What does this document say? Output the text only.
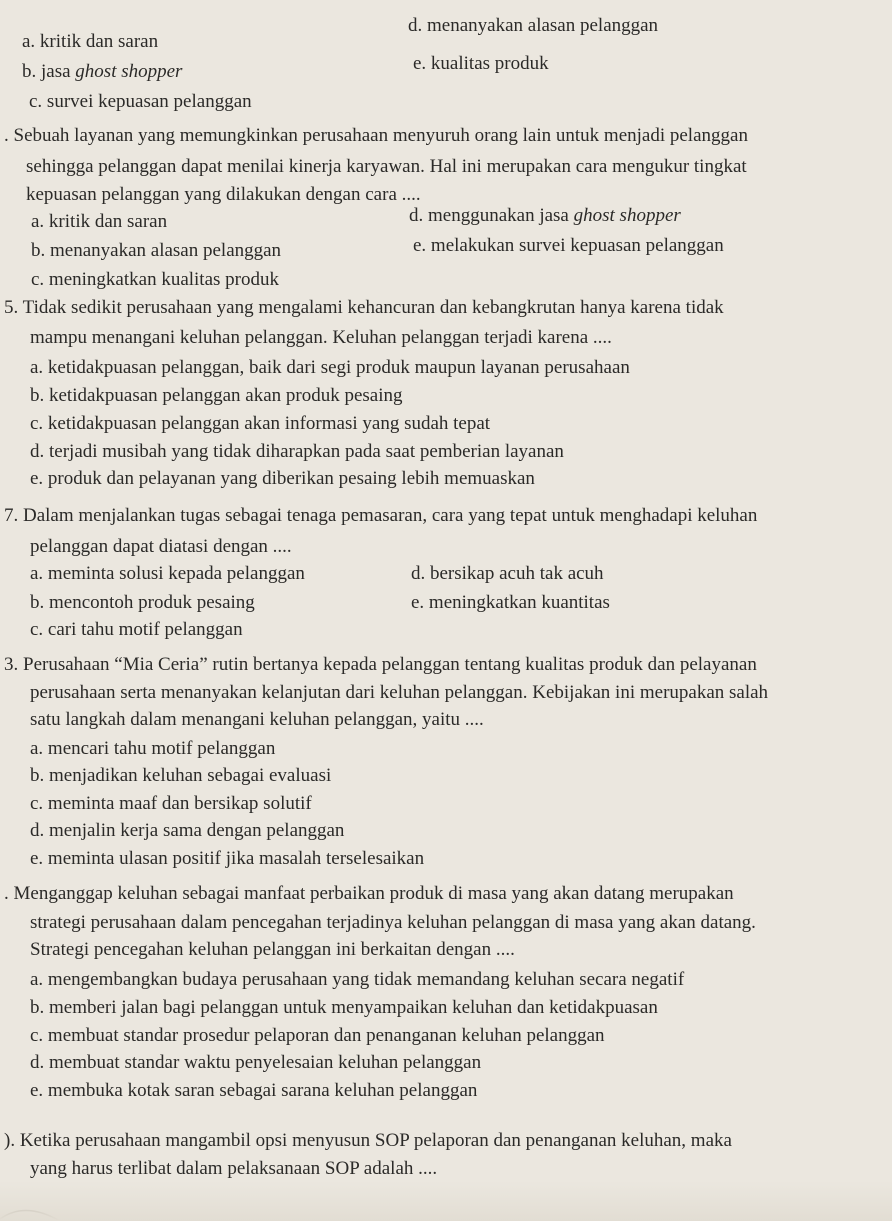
a. kritik dan saran
b. jasa ghost shopper
c. survei kepuasan pelanggan
d. menanyakan alasan pelanggan
e. kualitas produk
. Sebuah layanan yang memungkinkan perusahaan menyuruh orang lain untuk menjadi pelanggan
sehingga pelanggan dapat menilai kinerja karyawan. Hal ini merupakan cara mengukur tingkat
kepuasan pelanggan yang dilakukan dengan cara ....
a. kritik dan saran
b. menanyakan alasan pelanggan
c. meningkatkan kualitas produk
d. menggunakan jasa ghost shopper
e. melakukan survei kepuasan pelanggan
5. Tidak sedikit perusahaan yang mengalami kehancuran dan kebangkrutan hanya karena tidak
mampu menangani keluhan pelanggan. Keluhan pelanggan terjadi karena ....
a. ketidakpuasan pelanggan, baik dari segi produk maupun layanan perusahaan
b. ketidakpuasan pelanggan akan produk pesaing
c. ketidakpuasan pelanggan akan informasi yang sudah tepat
d. terjadi musibah yang tidak diharapkan pada saat pemberian layanan
e. produk dan pelayanan yang diberikan pesaing lebih memuaskan
7. Dalam menjalankan tugas sebagai tenaga pemasaran, cara yang tepat untuk menghadapi keluhan
pelanggan dapat diatasi dengan ....
a. meminta solusi kepada pelanggan
b. mencontoh produk pesaing
c. cari tahu motif pelanggan
d. bersikap acuh tak acuh
e. meningkatkan kuantitas
3. Perusahaan “Mia Ceria” rutin bertanya kepada pelanggan tentang kualitas produk dan pelayanan
perusahaan serta menanyakan kelanjutan dari keluhan pelanggan. Kebijakan ini merupakan salah
satu langkah dalam menangani keluhan pelanggan, yaitu ....
a. mencari tahu motif pelanggan
b. menjadikan keluhan sebagai evaluasi
c. meminta maaf dan bersikap solutif
d. menjalin kerja sama dengan pelanggan
e. meminta ulasan positif jika masalah terselesaikan
. Menganggap keluhan sebagai manfaat perbaikan produk di masa yang akan datang merupakan
strategi perusahaan dalam pencegahan terjadinya keluhan pelanggan di masa yang akan datang.
Strategi pencegahan keluhan pelanggan ini berkaitan dengan ....
a. mengembangkan budaya perusahaan yang tidak memandang keluhan secara negatif
b. memberi jalan bagi pelanggan untuk menyampaikan keluhan dan ketidakpuasan
c. membuat standar prosedur pelaporan dan penanganan keluhan pelanggan
d. membuat standar waktu penyelesaian keluhan pelanggan
e. membuka kotak saran sebagai sarana keluhan pelanggan
). Ketika perusahaan mangambil opsi menyusun SOP pelaporan dan penanganan keluhan, maka
yang harus terlibat dalam pelaksanaan SOP adalah ....
